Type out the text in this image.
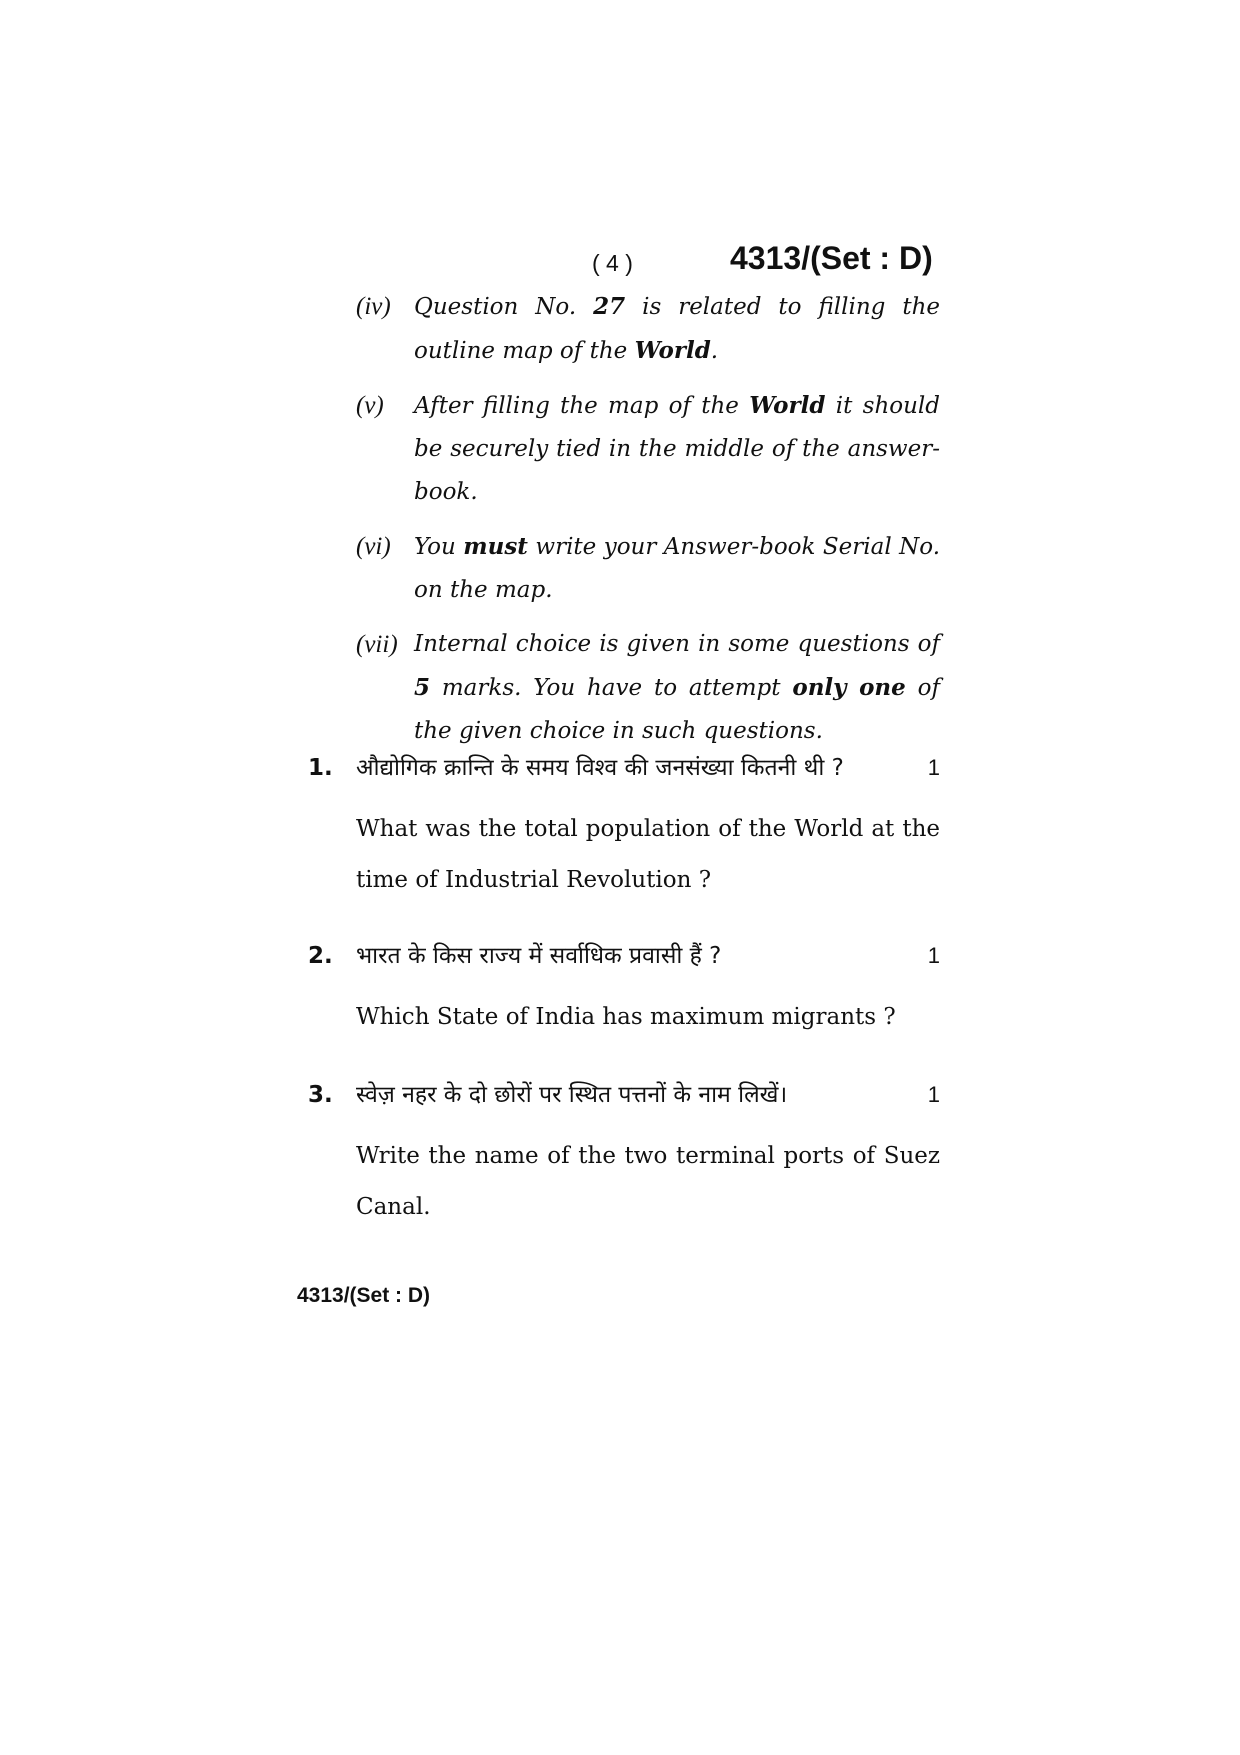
( 4 )	4313/(Set : D)
(iv)	Question No. 27 is related to filling the outline map of the World.
(v)	After filling the map of the World it should be securely tied in the middle of the answer-book.
(vi)	You must write your Answer-book Serial No. on the map.
(vii) Internal choice is given in some questions of 5 marks. You have to attempt only one of the given choice in such questions.
1.	औद्योगिक क्रान्ति के समय विश्व की जनसंख्या कितनी थी ?	1
What was the total population of the World at the time of Industrial Revolution ?
2.	भारत के किस राज्य में सर्वाधिक प्रवासी हैं ?	1
Which State of India has maximum migrants ?
3.	स्वेज़ नहर के दो छोरों पर स्थित पत्तनों के नाम लिखें।	1
Write the name of the two terminal ports of Suez Canal.
4313/(Set : D)
